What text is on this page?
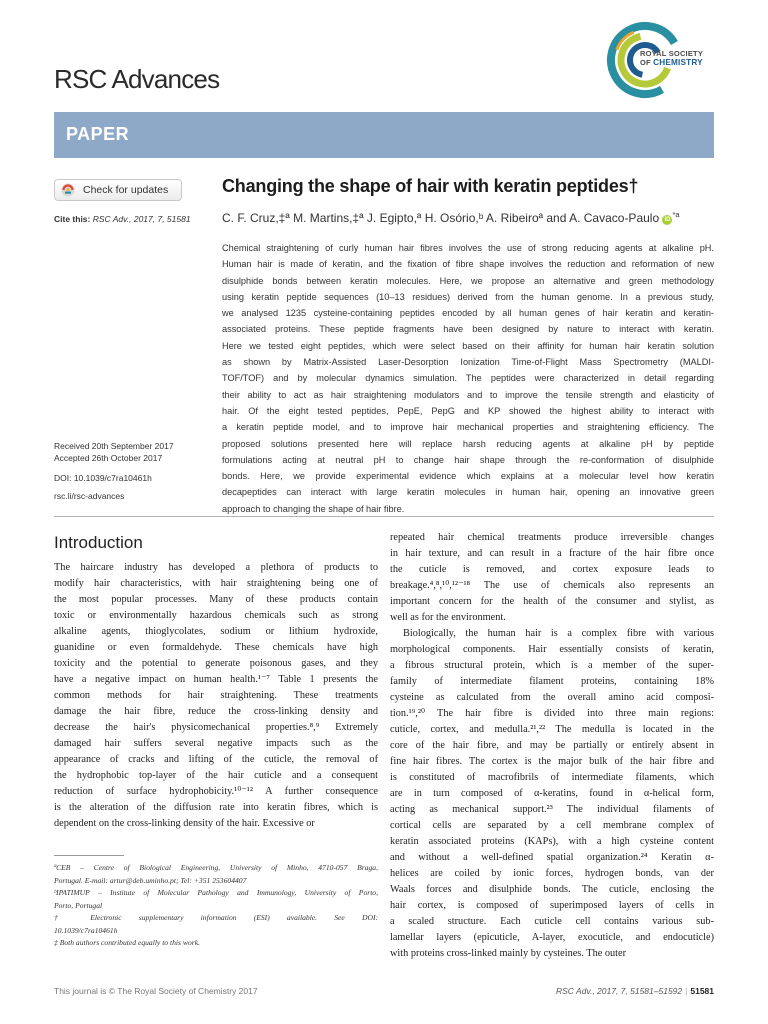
RSC Advances
ROYAL SOCIETY
OF CHEMISTRY
PAPER
Check for updates
Cite this: RSC Adv., 2017, 7, 51581
Changing the shape of hair with keratin peptides†
C. F. Cruz,‡ª M. Martins,‡ª J. Egipto,ª H. Osório,ᵇ A. Ribeiroª and A. Cavaco-Paulo $iD^{*a}$
Chemical straightening of curly human hair fibres involves the use of strong reducing agents at alkaline pH.
Human hair is made of keratin, and the fixation of fibre shape involves the reduction and reformation of new
disulphide bonds between keratin molecules. Here, we propose an alternative and green methodology
using keratin peptide sequences (10–13 residues) derived from the human genome. In a previous study,
we analysed 1235 cysteine-containing peptides encoded by all human genes of hair keratin and keratin-
associated proteins. These peptide fragments have been designed by nature to interact with keratin.
Here we tested eight peptides, which were select based on their affinity for human hair keratin solution
as shown by Matrix-Assisted Laser-Desorption Ionization Time-of-Flight Mass Spectrometry (MALDI-
TOF/TOF) and by molecular dynamics simulation. The peptides were characterized in detail regarding
their ability to act as hair straightening modulators and to improve the tensile strength and elasticity of
hair. Of the eight tested peptides, PepE, PepG and KP showed the highest ability to interact with
a keratin peptide model, and to improve hair mechanical properties and straightening efficiency. The
proposed solutions presented here will replace harsh reducing agents at alkaline pH by peptide
formulations acting at neutral pH to change hair shape through the re-conformation of disulphide
bonds. Here, we provide experimental evidence which explains at a molecular level how keratin
decapeptides can interact with large keratin molecules in human hair, opening an innovative green
approach to changing the shape of hair fibre.
Received 20th September 2017
Accepted 26th October 2017
DOI: 10.1039/c7ra10461h
rsc.li/rsc-advances
Introduction
The haircare industry has developed a plethora of products to
modify hair characteristics, with hair straightening being one of
the most popular processes. Many of these products contain
toxic or environmentally hazardous chemicals such as strong
alkaline agents, thioglycolates, sodium or lithium hydroxide,
guanidine or even formaldehyde. These chemicals have high
toxicity and the potential to generate poisonous gases, and they
have a negative impact on human health.¹⁻⁷ Table 1 presents the
common methods for hair straightening. These treatments
damage the hair fibre, reduce the cross-linking density and
decrease the hair's physicomechanical properties.⁸,⁹ Extremely
damaged hair suffers several negative impacts such as the
appearance of cracks and lifting of the cuticle, the removal of
the hydrophobic top-layer of the hair cuticle and a consequent
reduction of surface hydrophobicity.¹⁰⁻¹² A further consequence
is the alteration of the diffusion rate into keratin fibres, which is
dependent on the cross-linking density of the hair. Excessive or
repeated hair chemical treatments produce irreversible changes
in hair texture, and can result in a fracture of the hair fibre once
the cuticle is removed, and cortex exposure leads to
breakage.⁴,⁸,¹⁰,¹²⁻¹⁸ The use of chemicals also represents an
important concern for the health of the consumer and stylist, as
well as for the environment.
Biologically, the human hair is a complex fibre with various
morphological components. Hair essentially consists of keratin,
a fibrous structural protein, which is a member of the super-
family of intermediate filament proteins, containing 18%
cysteine as calculated from the overall amino acid composi-
tion.¹⁹,²⁰ The hair fibre is divided into three main regions:
cuticle, cortex, and medulla.²¹,²² The medulla is located in the
core of the hair fibre, and may be partially or entirely absent in
fine hair fibres. The cortex is the major bulk of the hair fibre and
is constituted of macrofibrils of intermediate filaments, which
are in turn composed of α-keratins, found in α-helical form,
acting as mechanical support.²³ The individual filaments of
cortical cells are separated by a cell membrane complex of
keratin associated proteins (KAPs), with a high cysteine content
and without a well-defined spatial organization.²⁴ Keratin α-
helices are coiled by ionic forces, hydrogen bonds, van der
Waals forces and disulphide bonds. The cuticle, enclosing the
hair cortex, is composed of superimposed layers of cells in
a scaled structure. Each cuticle cell contains various sub-
lamellar layers (epicuticle, A-layer, exocuticle, and endocuticle)
with proteins cross-linked mainly by cysteines. The outer
ªCEB – Centre of Biological Engineering, University of Minho, 4710-057 Braga,
Portugal. E-mail: artur@deb.uminho.pt; Tel: +351 253604407
ᵇIPATIMUP – Institute of Molecular Pathology and Immunology, University of Porto,
Porto, Portugal
† Electronic supplementary information (ESI) available. See DOI:
10.1039/c7ra10461h
‡ Both authors contributed equally to this work.
This journal is © The Royal Society of Chemistry 2017	RSC Adv., 2017, 7, 51581–51592 | 51581
